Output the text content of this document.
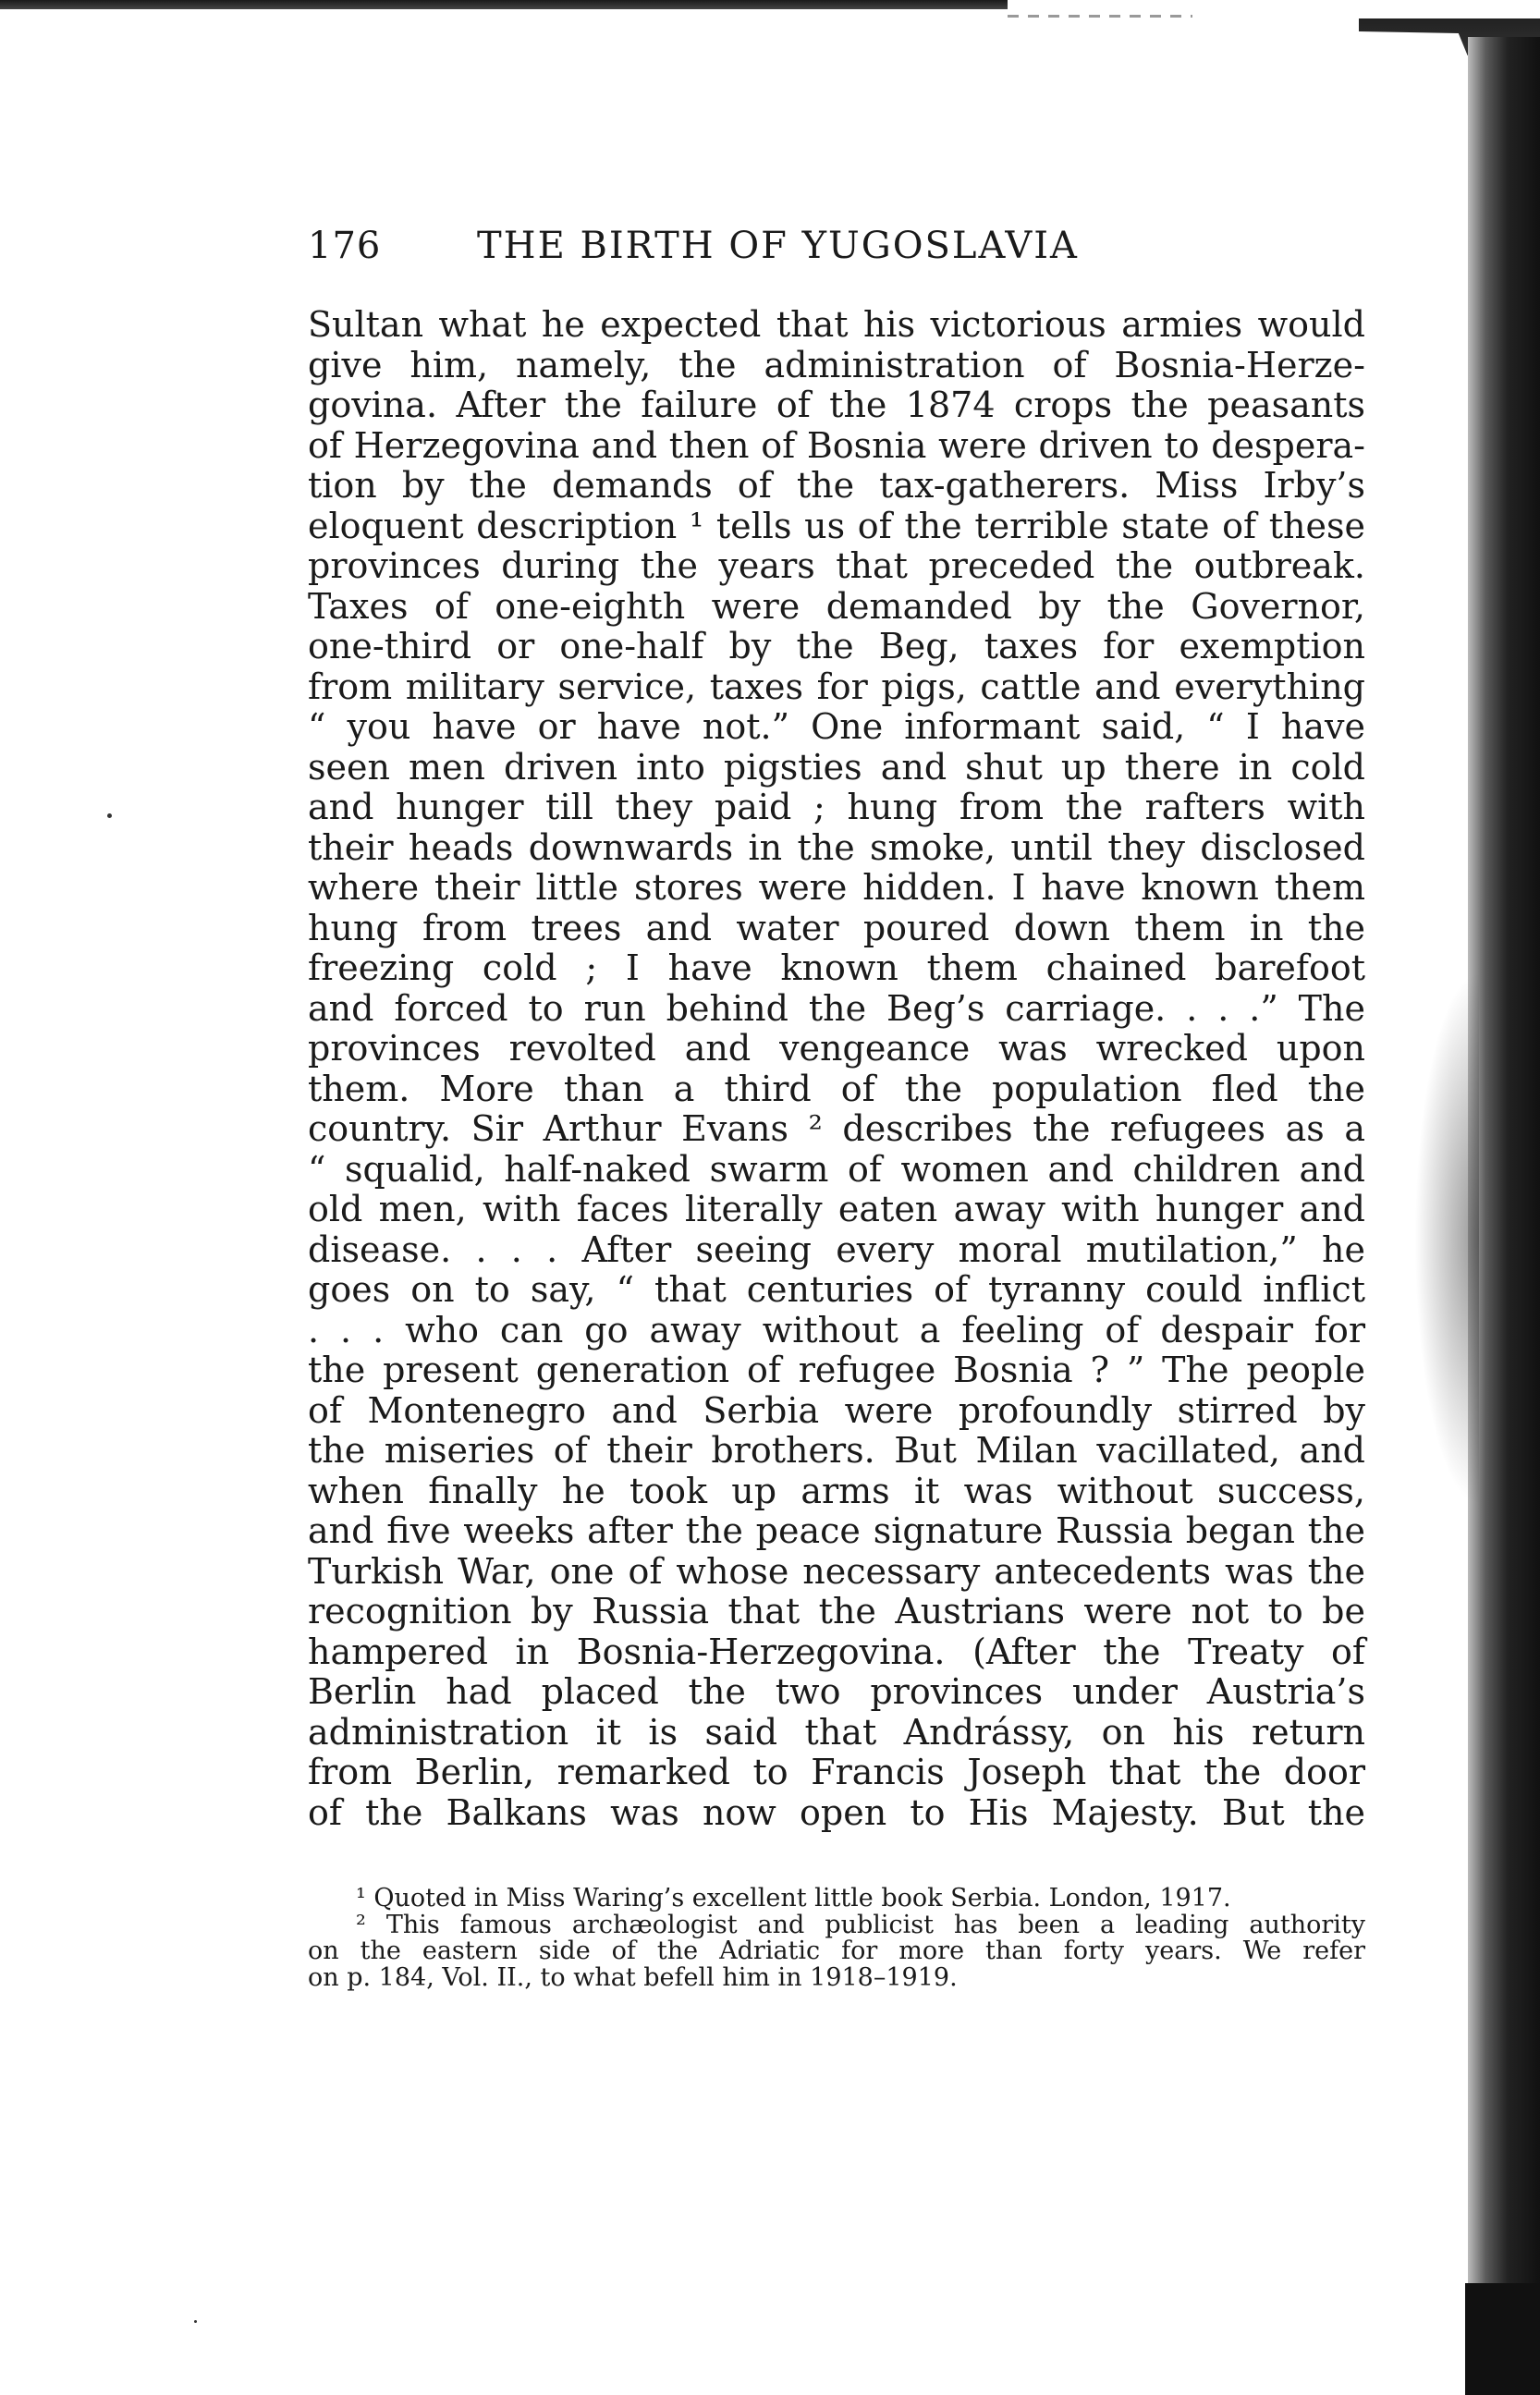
176	THE BIRTH OF YUGOSLAVIA
Sultan what he expected that his victorious armies would
give him, namely, the administration of Bosnia-Herze-
govina. After the failure of the 1874 crops the peasants
of Herzegovina and then of Bosnia were driven to despera-
tion by the demands of the tax-gatherers. Miss Irby’s
eloquent description ¹ tells us of the terrible state of these
provinces during the years that preceded the outbreak.
Taxes of one-eighth were demanded by the Governor,
one-third or one-half by the Beg, taxes for exemption
from military service, taxes for pigs, cattle and everything
“ you have or have not.” One informant said, “ I have
seen men driven into pigsties and shut up there in cold
and hunger till they paid ; hung from the rafters with
their heads downwards in the smoke, until they disclosed
where their little stores were hidden. I have known them
hung from trees and water poured down them in the
freezing cold ; I have known them chained barefoot
and forced to run behind the Beg’s carriage. . . .” The
provinces revolted and vengeance was wrecked upon
them. More than a third of the population fled the
country. Sir Arthur Evans ² describes the refugees as a
“ squalid, half-naked swarm of women and children and
old men, with faces literally eaten away with hunger and
disease. . . . After seeing every moral mutilation,” he
goes on to say, “ that centuries of tyranny could inflict
. . . who can go away without a feeling of despair for
the present generation of refugee Bosnia ? ” The people
of Montenegro and Serbia were profoundly stirred by
the miseries of their brothers. But Milan vacillated, and
when finally he took up arms it was without success,
and five weeks after the peace signature Russia began the
Turkish War, one of whose necessary antecedents was the
recognition by Russia that the Austrians were not to be
hampered in Bosnia-Herzegovina. (After the Treaty of
Berlin had placed the two provinces under Austria’s
administration it is said that Andrássy, on his return
from Berlin, remarked to Francis Joseph that the door
of the Balkans was now open to His Majesty. But the
¹ Quoted in Miss Waring’s excellent little book Serbia. London, 1917.
² This famous archæologist and publicist has been a leading authority
on the eastern side of the Adriatic for more than forty years. We refer
on p. 184, Vol. II., to what befell him in 1918–1919.
